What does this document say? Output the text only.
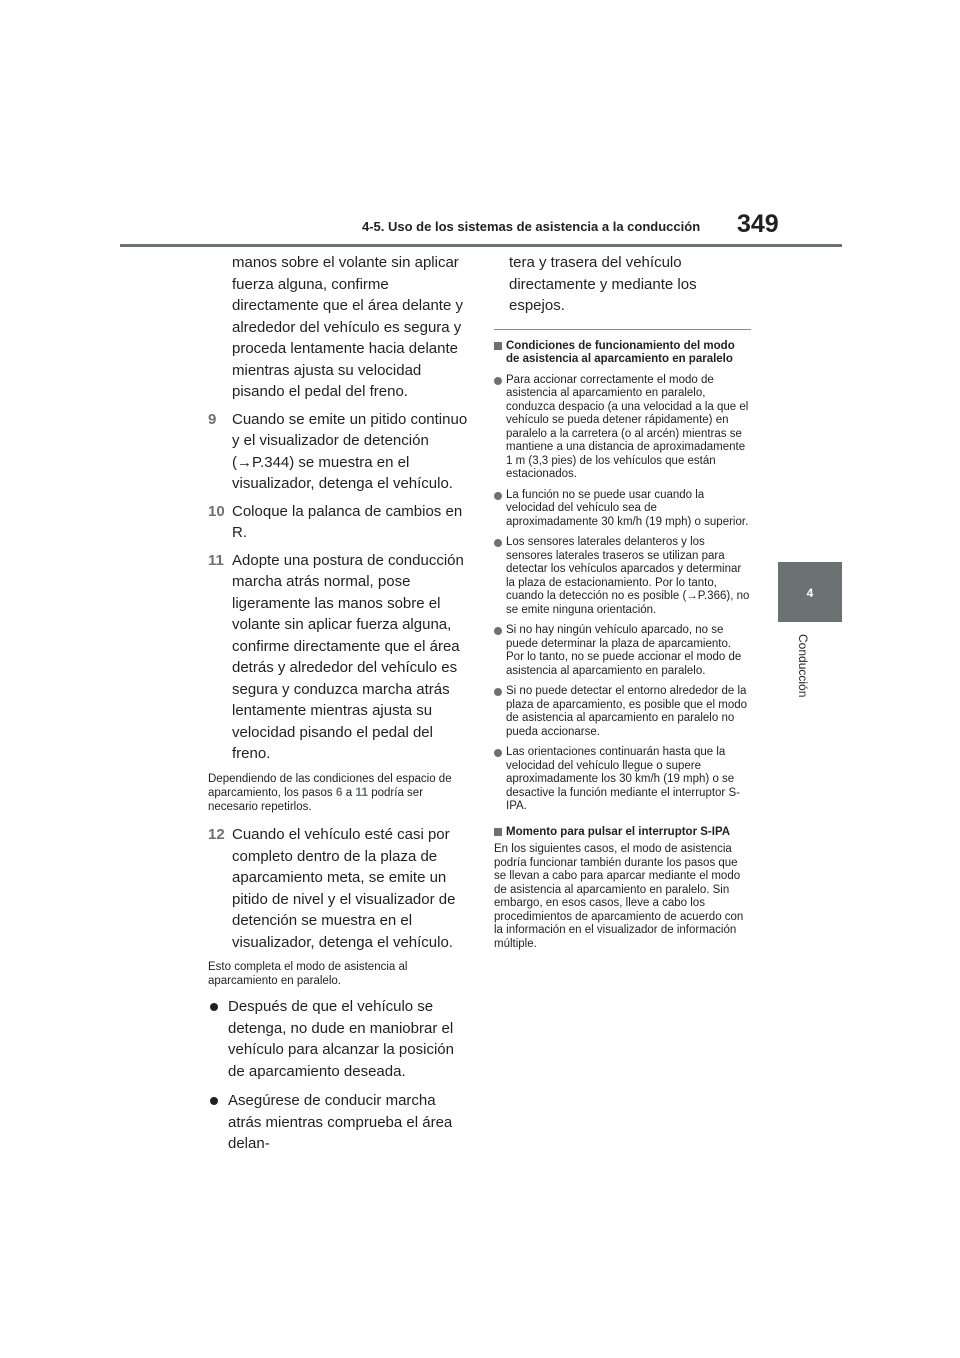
4-5. Uso de los sistemas de asistencia a la conducción 349
4
Conducción
manos sobre el volante sin aplicar fuerza alguna, confirme directamente que el área delante y alrededor del vehículo es segura y proceda lentamente hacia delante mientras ajusta su velocidad pisando el pedal del freno.
9 Cuando se emite un pitido continuo y el visualizador de detención (→P.344) se muestra en el visualizador, detenga el vehículo.
10 Coloque la palanca de cambios en R.
11 Adopte una postura de conducción marcha atrás normal, pose ligeramente las manos sobre el volante sin aplicar fuerza alguna, confirme directamente que el área detrás y alrededor del vehículo es segura y conduzca marcha atrás lentamente mientras ajusta su velocidad pisando el pedal del freno.
Dependiendo de las condiciones del espacio de aparcamiento, los pasos 6 a 11 podría ser necesario repetirlos.
12 Cuando el vehículo esté casi por completo dentro de la plaza de aparcamiento meta, se emite un pitido de nivel y el visualizador de detención se muestra en el visualizador, detenga el vehículo.
Esto completa el modo de asistencia al aparcamiento en paralelo.
Después de que el vehículo se detenga, no dude en maniobrar el vehículo para alcanzar la posición de aparcamiento deseada.
Asegúrese de conducir marcha atrás mientras comprueba el área delan-
tera y trasera del vehículo directamente y mediante los espejos.
Condiciones de funcionamiento del modo de asistencia al aparcamiento en paralelo
Para accionar correctamente el modo de asistencia al aparcamiento en paralelo, conduzca despacio (a una velocidad a la que el vehículo se pueda detener rápidamente) en paralelo a la carretera (o al arcén) mientras se mantiene a una distancia de aproximadamente 1 m (3,3 pies) de los vehículos que están estacionados.
La función no se puede usar cuando la velocidad del vehículo sea de aproximadamente 30 km/h (19 mph) o superior.
Los sensores laterales delanteros y los sensores laterales traseros se utilizan para detectar los vehículos aparcados y determinar la plaza de estacionamiento. Por lo tanto, cuando la detección no es posible (→P.366), no se emite ninguna orientación.
Si no hay ningún vehículo aparcado, no se puede determinar la plaza de aparcamiento. Por lo tanto, no se puede accionar el modo de asistencia al aparcamiento en paralelo.
Si no puede detectar el entorno alrededor de la plaza de aparcamiento, es posible que el modo de asistencia al aparcamiento en paralelo no pueda accionarse.
Las orientaciones continuarán hasta que la velocidad del vehículo llegue o supere aproximadamente los 30 km/h (19 mph) o se desactive la función mediante el interruptor S-IPA.
Momento para pulsar el interruptor S-IPA
En los siguientes casos, el modo de asistencia podría funcionar también durante los pasos que se llevan a cabo para aparcar mediante el modo de asistencia al aparcamiento en paralelo. Sin embargo, en esos casos, lleve a cabo los procedimientos de aparcamiento de acuerdo con la información en el visualizador de información múltiple.
